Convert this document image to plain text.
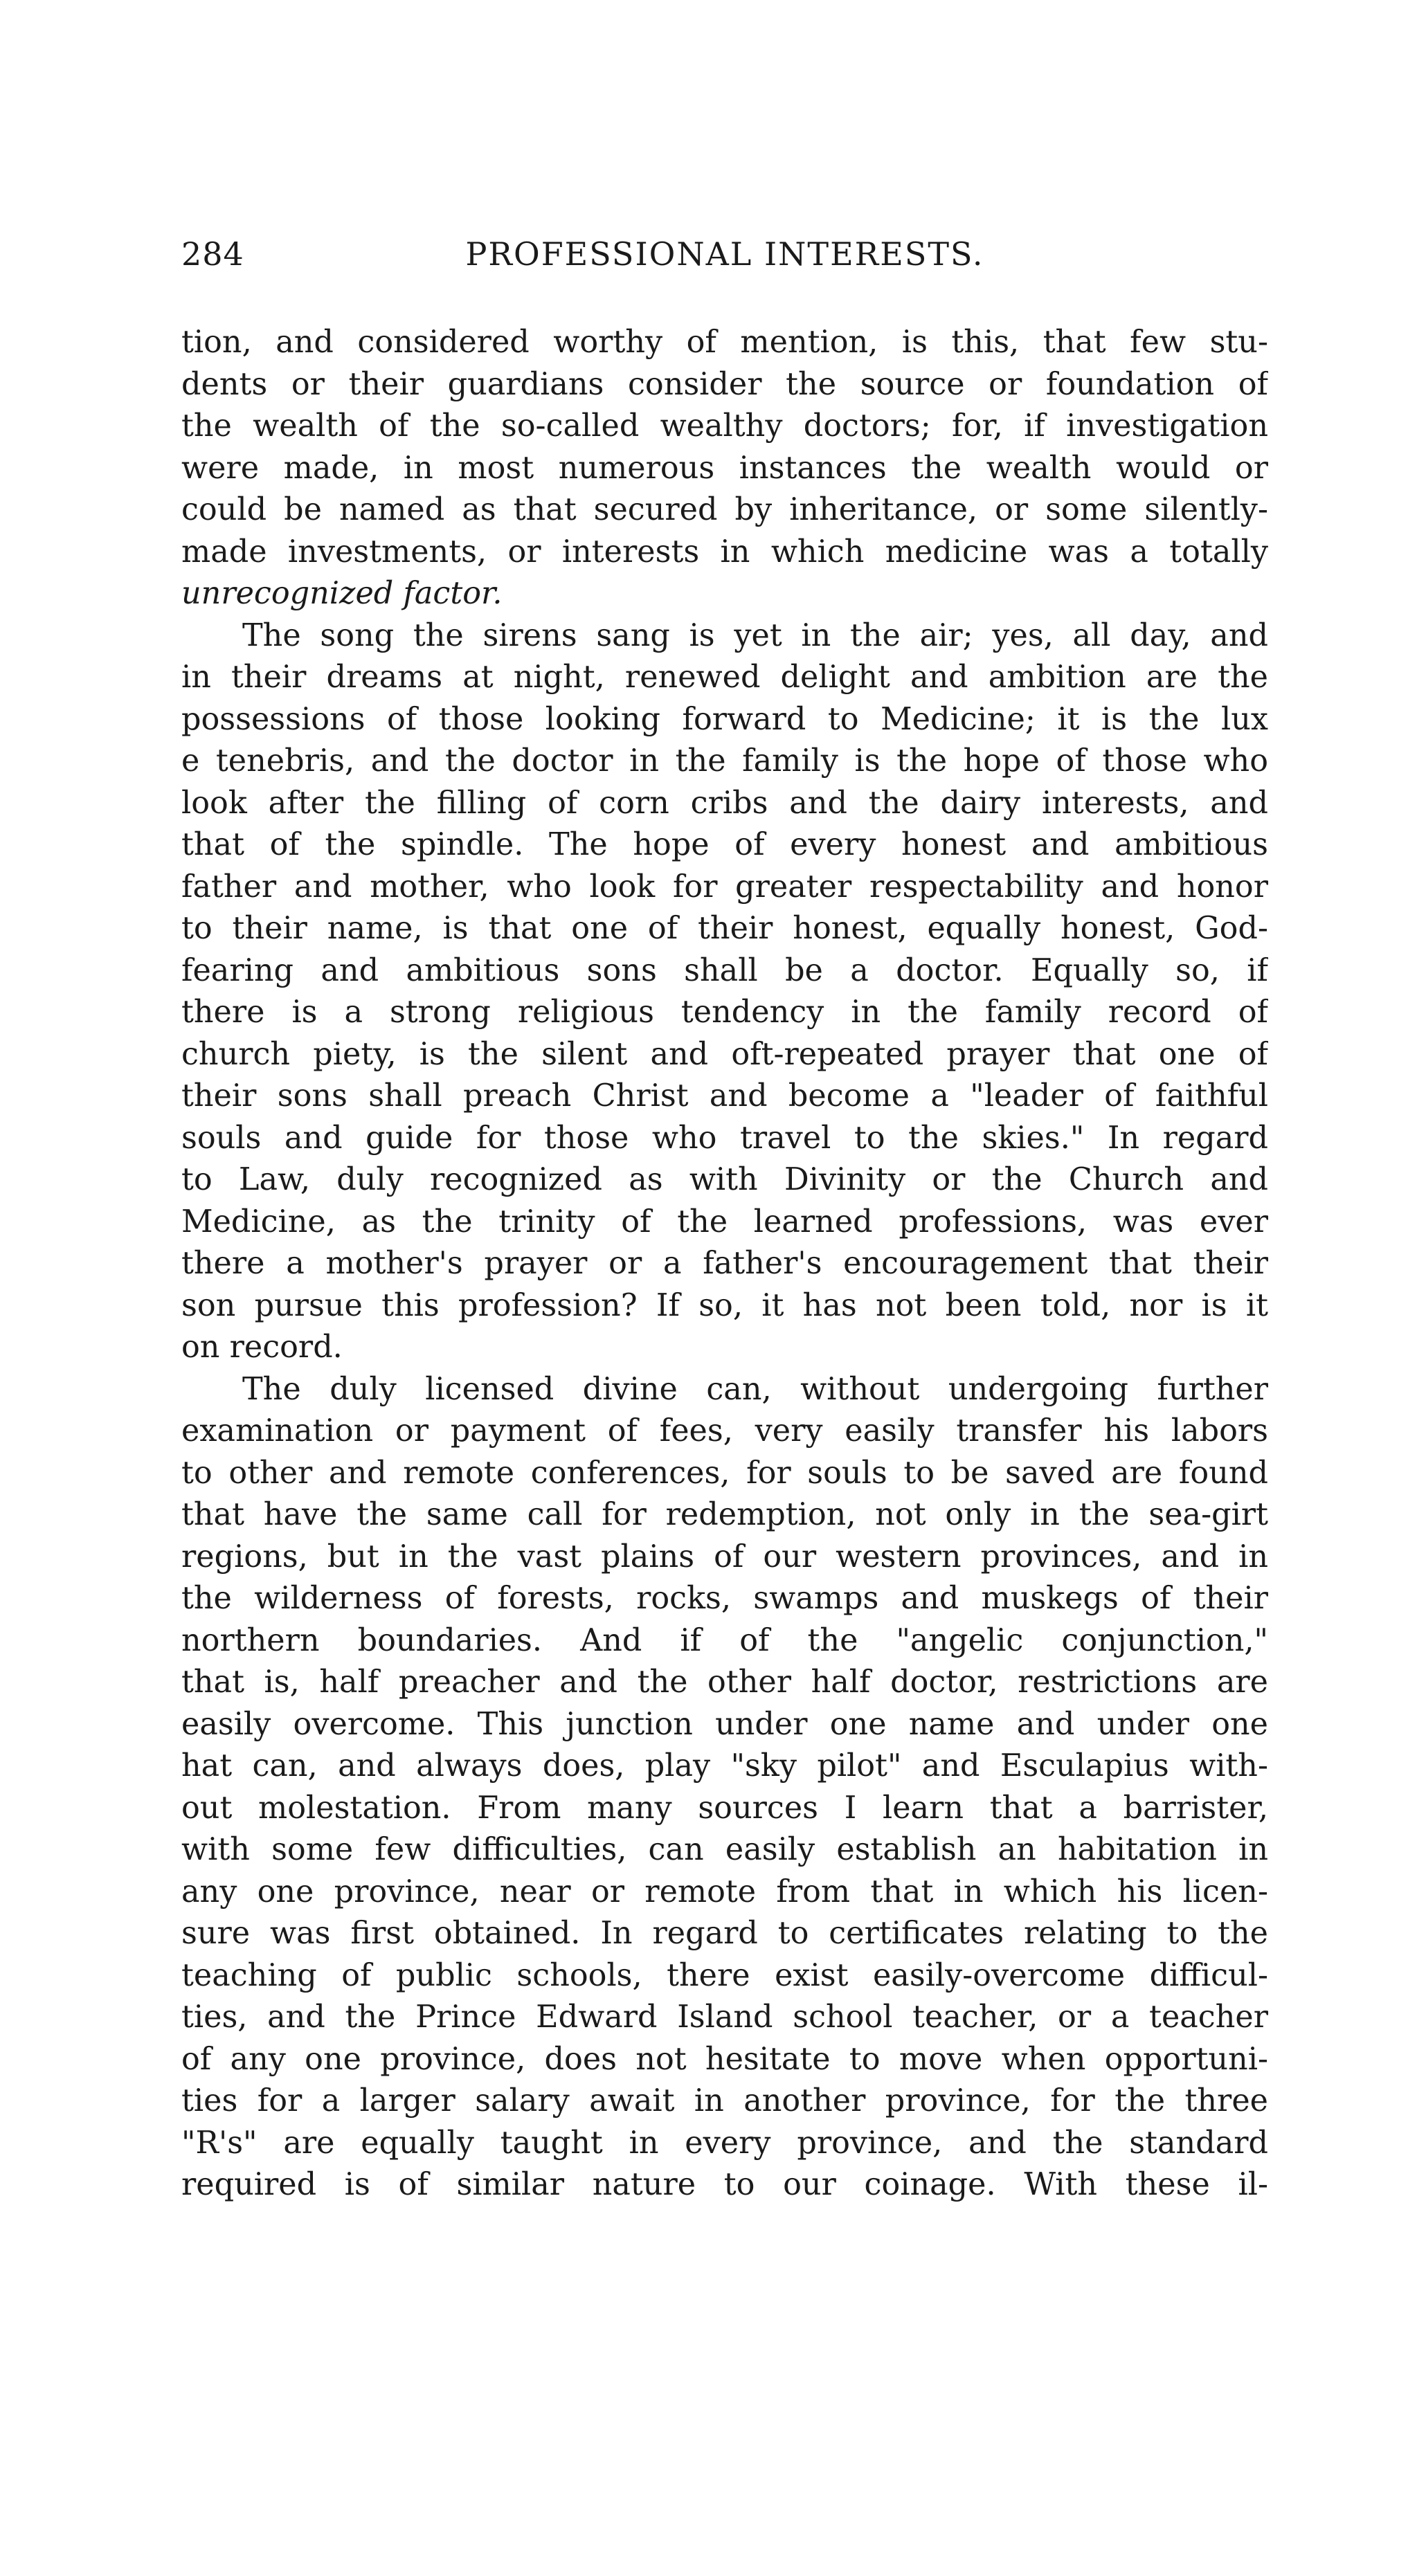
284	PROFESSIONAL INTERESTS.
tion, and considered worthy of mention, is this, that few stu-
dents or their guardians consider the source or foundation of
the wealth of the so-called wealthy doctors; for, if investigation
were made, in most numerous instances the wealth would or
could be named as that secured by inheritance, or some silently-
made investments, or interests in which medicine was a totally
unrecognized factor.
The song the sirens sang is yet in the air; yes, all day, and
in their dreams at night, renewed delight and ambition are the
possessions of those looking forward to Medicine; it is the lux
e tenebris, and the doctor in the family is the hope of those who
look after the filling of corn cribs and the dairy interests, and
that of the spindle. The hope of every honest and ambitious
father and mother, who look for greater respectability and honor
to their name, is that one of their honest, equally honest, God-
fearing and ambitious sons shall be a doctor. Equally so, if
there is a strong religious tendency in the family record of
church piety, is the silent and oft-repeated prayer that one of
their sons shall preach Christ and become a "leader of faithful
souls and guide for those who travel to the skies." In regard
to Law, duly recognized as with Divinity or the Church and
Medicine, as the trinity of the learned professions, was ever
there a mother's prayer or a father's encouragement that their
son pursue this profession? If so, it has not been told, nor is it
on record.
The duly licensed divine can, without undergoing further
examination or payment of fees, very easily transfer his labors
to other and remote conferences, for souls to be saved are found
that have the same call for redemption, not only in the sea-girt
regions, but in the vast plains of our western provinces, and in
the wilderness of forests, rocks, swamps and muskegs of their
northern boundaries. And if of the "angelic conjunction,"
that is, half preacher and the other half doctor, restrictions are
easily overcome. This junction under one name and under one
hat can, and always does, play "sky pilot" and Esculapius with-
out molestation. From many sources I learn that a barrister,
with some few difficulties, can easily establish an habitation in
any one province, near or remote from that in which his licen-
sure was first obtained. In regard to certificates relating to the
teaching of public schools, there exist easily-overcome difficul-
ties, and the Prince Edward Island school teacher, or a teacher
of any one province, does not hesitate to move when opportuni-
ties for a larger salary await in another province, for the three
"R's" are equally taught in every province, and the standard
required is of similar nature to our coinage. With these il-
